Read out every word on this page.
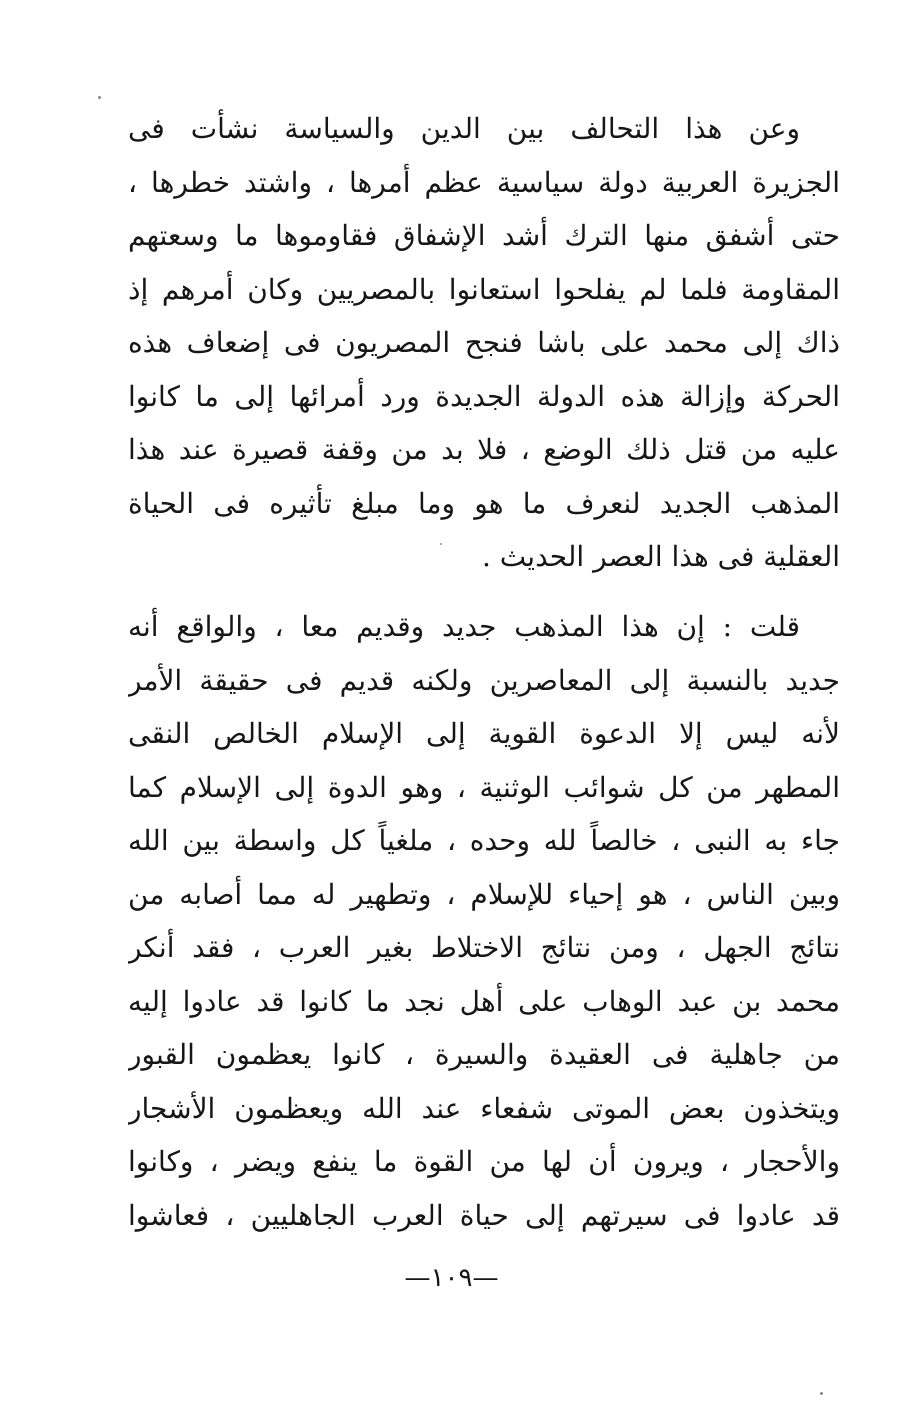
وعن هذا التحالف بين الدين والسياسة نشأت فى
الجزيرة العربية دولة سياسية عظم أمرها ، واشتد خطرها ،
حتى أشفق منها الترك أشد الإشفاق فقاوموها ما وسعتهم
المقاومة فلما لم يفلحوا استعانوا بالمصريين وكان أمرهم إذ
ذاك إلى محمد على باشا فنجح المصريون فى إضعاف هذه
الحركة وإزالة هذه الدولة الجديدة ورد أمرائها إلى ما كانوا
عليه من قتل ذلك الوضع ، فلا بد من وقفة قصيرة عند هذا
المذهب الجديد لنعرف ما هو وما مبلغ تأثيره فى الحياة
العقلية فى هذا العصر الحديث .
قلت : إن هذا المذهب جديد وقديم معا ، والواقع أنه
جديد بالنسبة إلى المعاصرين ولكنه قديم فى حقيقة الأمر
لأنه ليس إلا الدعوة القوية إلى الإسلام الخالص النقى
المطهر من كل شوائب الوثنية ، وهو الدوة إلى الإسلام كما
جاء به النبى ، خالصاً لله وحده ، ملغياً كل واسطة بين الله
وبين الناس ، هو إحياء للإسلام ، وتطهير له مما أصابه من
نتائج الجهل ، ومن نتائج الاختلاط بغير العرب ، فقد أنكر
محمد بن عبد الوهاب على أهل نجد ما كانوا قد عادوا إليه
من جاهلية فى العقيدة والسيرة ، كانوا يعظمون القبور
ويتخذون بعض الموتى شفعاء عند الله ويعظمون الأشجار
والأحجار ، ويرون أن لها من القوة ما ينفع ويضر ، وكانوا
قد عادوا فى سيرتهم إلى حياة العرب الجاهليين ، فعاشوا
—١٠٩—
